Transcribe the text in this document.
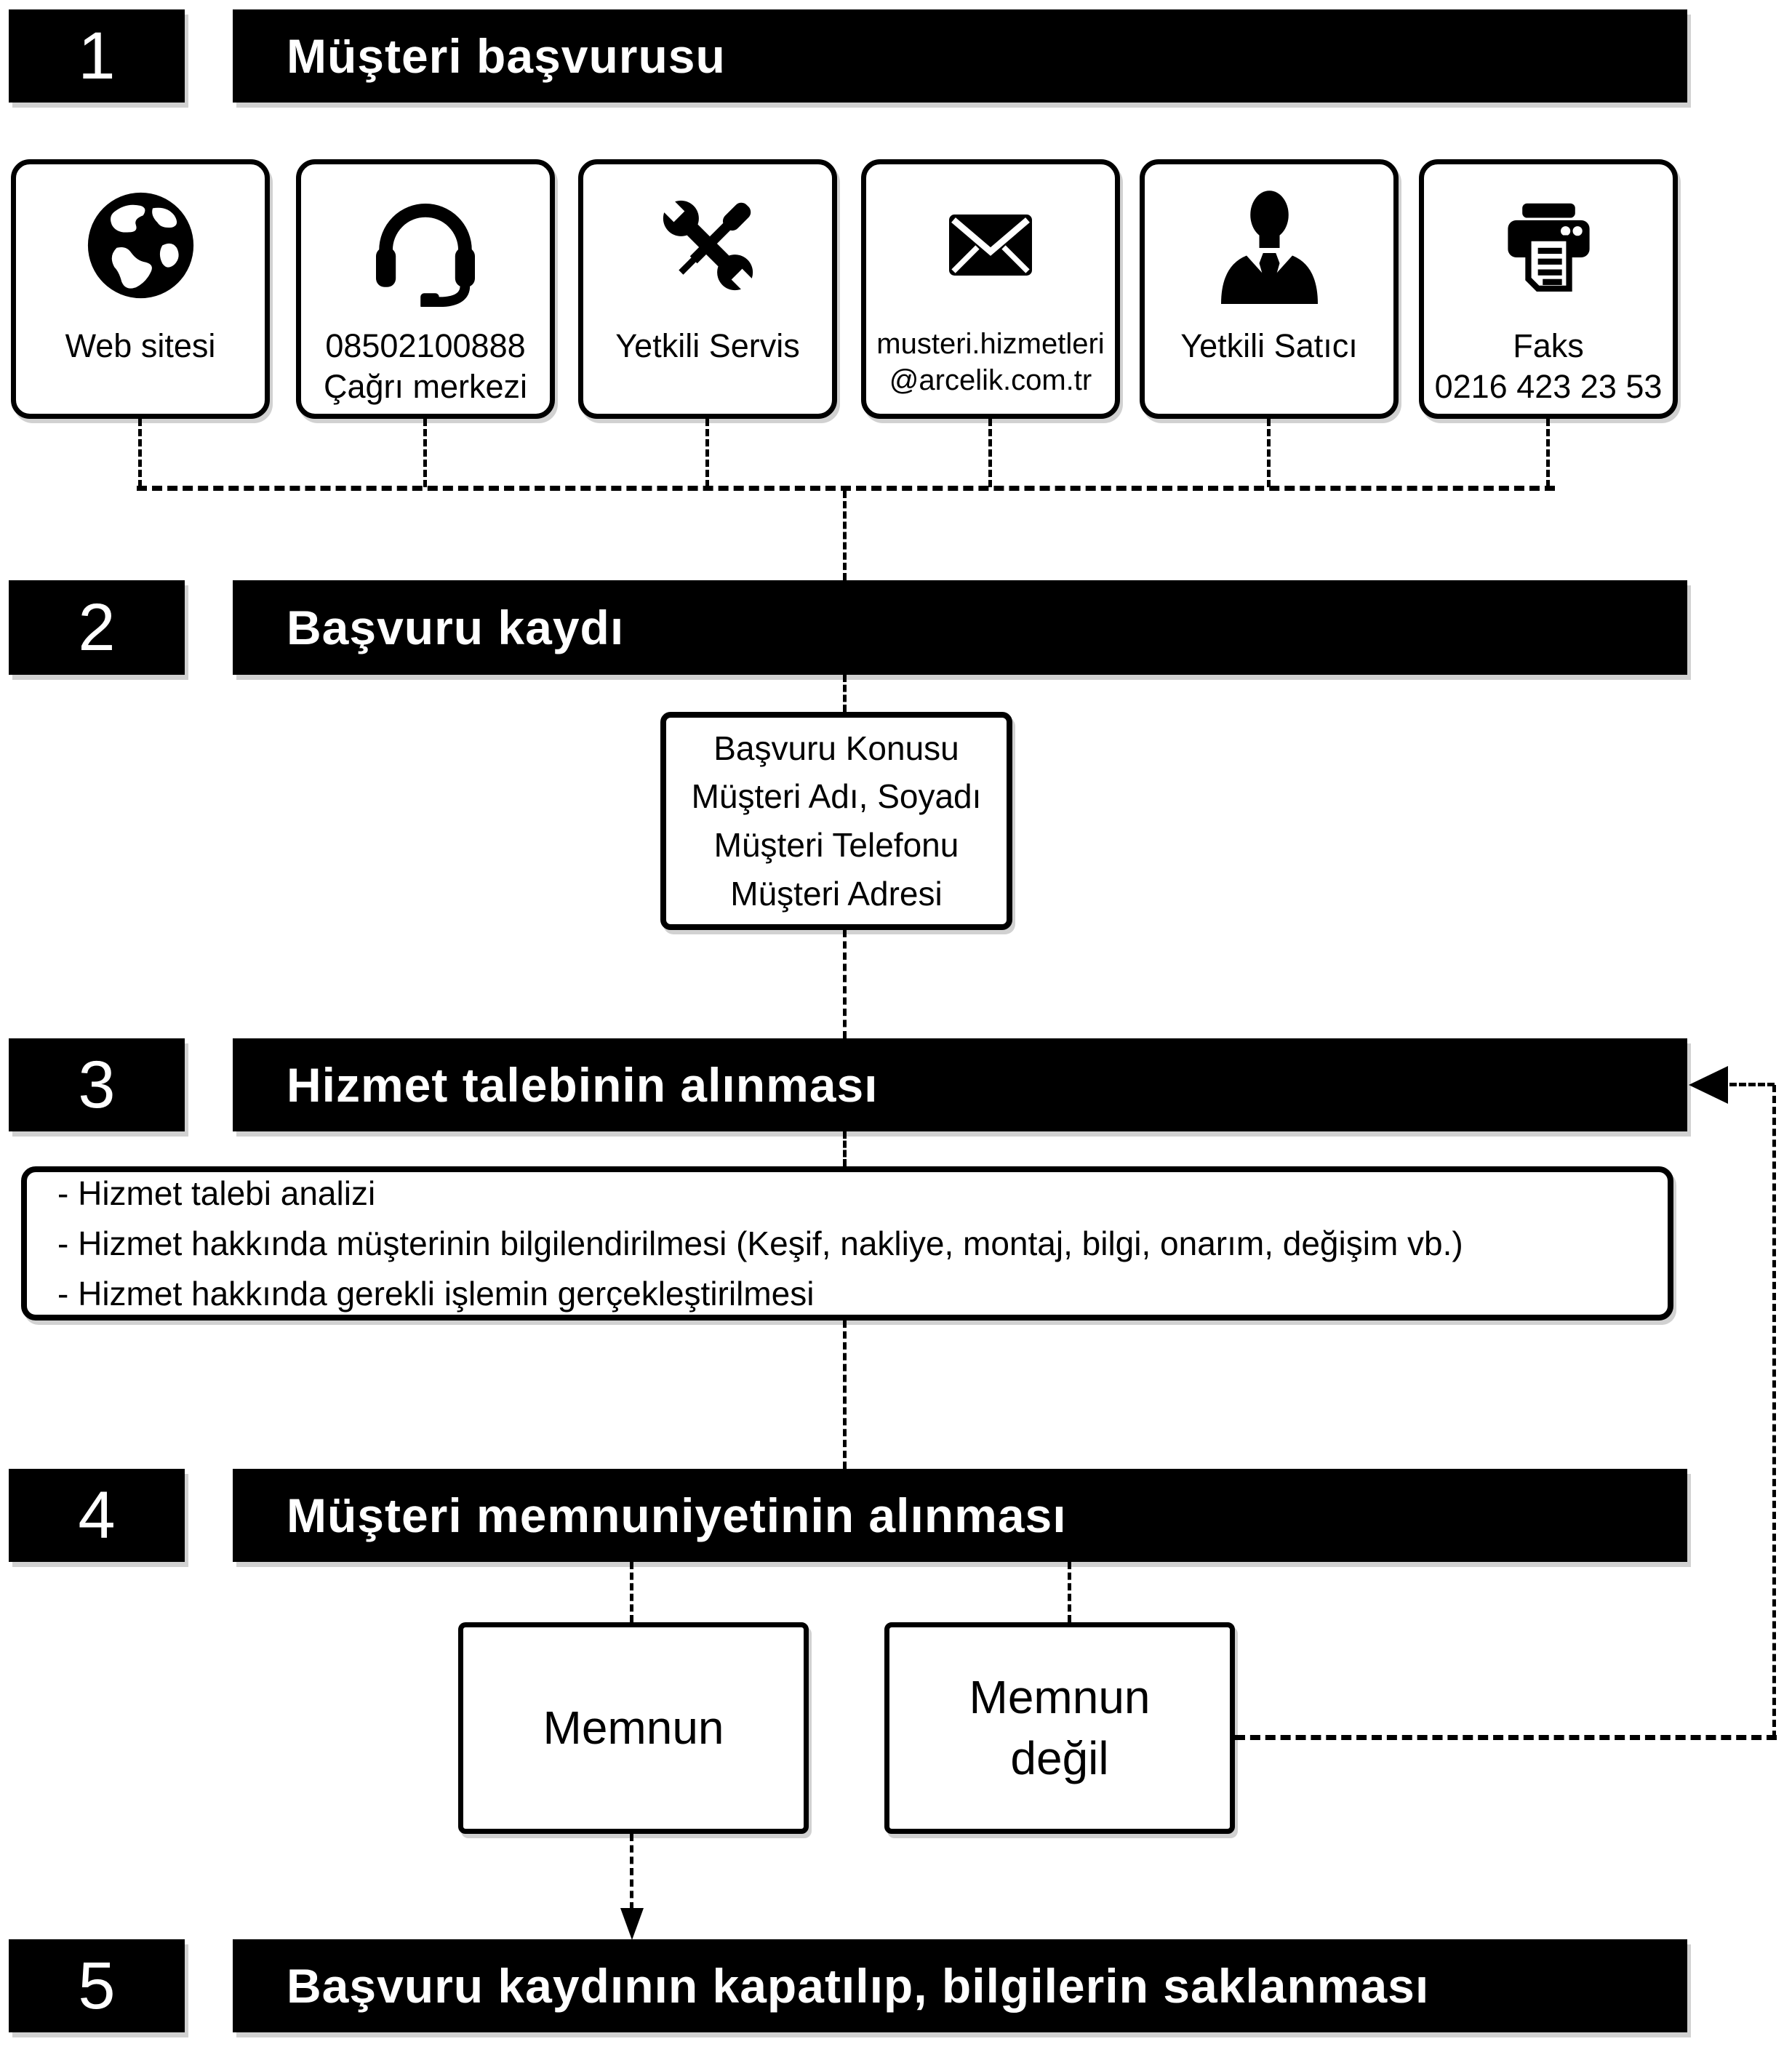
1	Müşteri başvurusu
Web sitesi	08502100888
Çağrı merkezi
Yetkili Servis	musteri.hizmetleri
@arcelik.com.tr
Yetkili Satıcı	Faks
0216 423 23 53
2	Başvuru kaydı
Başvuru Konusu
Müşteri Adı, Soyadı
Müşteri Telefonu
Müşteri Adresi
3	Hizmet talebinin alınması
- Hizmet talebi analizi
- Hizmet hakkında müşterinin bilgilendirilmesi (Keşif, nakliye, montaj, bilgi, onarım, değişim vb.)
- Hizmet hakkında gerekli işlemin gerçekleştirilmesi
4	Müşteri memnuniyetinin alınması
Memnun
Memnun
değil
5	Başvuru kaydının kapatılıp, bilgilerin saklanması
